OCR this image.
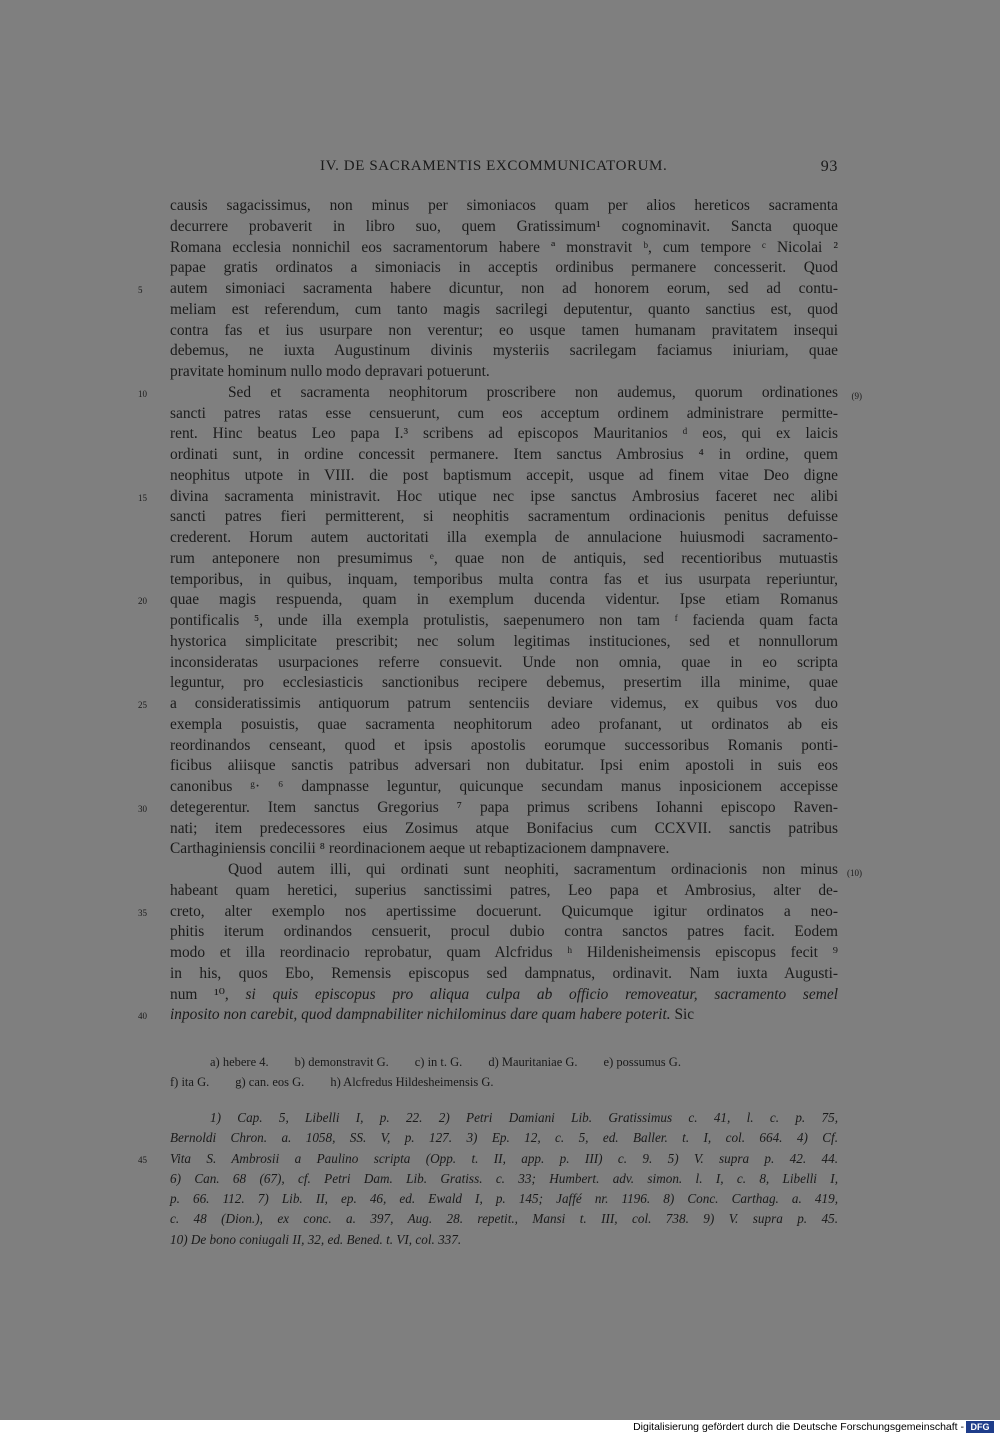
IV. DE SACRAMENTIS EXCOMMUNICATORUM.	93
causis sagacissimus, non minus per simoniacos quam per alios hereticos sacramenta
decurrere probaverit in libro suo, quem Gratissimum¹ cognominavit. Sancta quoque
Romana ecclesia nonnichil eos sacramentorum habere ª monstravit ᵇ, cum tempore ᶜ Nicolai ²
papae gratis ordinatos a simoniacis in acceptis ordinibus permanere concesserit. Quod
5	autem simoniaci sacramenta habere dicuntur, non ad honorem eorum, sed ad contu-
meliam est referendum, cum tanto magis sacrilegi deputentur, quanto sanctius est, quod
contra fas et ius usurpare non verentur; eo usque tamen humanam pravitatem insequi
debemus, ne iuxta Augustinum divinis mysteriis sacrilegam faciamus iniuriam, quae
pravitate hominum nullo modo depravari potuerunt.
10	(9)
Sed et sacramenta neophitorum proscribere non audemus, quorum ordinationes
sancti patres ratas esse censuerunt, cum eos acceptum ordinem administrare permitte-
rent. Hinc beatus Leo papa I.³ scribens ad episcopos Mauritanios ᵈ eos, qui ex laicis
ordinati sunt, in ordine concessit permanere. Item sanctus Ambrosius ⁴ in ordine, quem
neophitus utpote in VIII. die post baptismum accepit, usque ad finem vitae Deo digne
15	divina sacramenta ministravit. Hoc utique nec ipse sanctus Ambrosius faceret nec alibi
sancti patres fieri permitterent, si neophitis sacramentum ordinacionis penitus defuisse
crederent. Horum autem auctoritati illa exempla de annulacione huiusmodi sacramento-
rum anteponere non presumimus ᵉ, quae non de antiquis, sed recentioribus mutuastis
temporibus, in quibus, inquam, temporibus multa contra fas et ius usurpata reperiuntur,
20	quae magis respuenda, quam in exemplum ducenda videntur. Ipse etiam Romanus
pontificalis ⁵, unde illa exempla protulistis, saepenumero non tam ᶠ facienda quam facta
hystorica simplicitate prescribit; nec solum legitimas instituciones, sed et nonnullorum
inconsideratas usurpaciones referre consuevit. Unde non omnia, quae in eo scripta
leguntur, pro ecclesiasticis sanctionibus recipere debemus, presertim illa minime, quae
25	a consideratissimis antiquorum patrum sentenciis deviare videmus, ex quibus vos duo
exempla posuistis, quae sacramenta neophitorum adeo profanant, ut ordinatos ab eis
reordinandos censeant, quod et ipsis apostolis eorumque successoribus Romanis ponti-
ficibus aliisque sanctis patribus adversari non dubitatur. Ipsi enim apostoli in suis eos
canonibus ᵍ· ⁶ dampnasse leguntur, quicunque secundam manus inposicionem accepisse
30	detegerentur. Item sanctus Gregorius ⁷ papa primus scribens Iohanni episcopo Raven-
nati; item predecessores eius Zosimus atque Bonifacius cum CCXVII. sanctis patribus
Carthaginiensis concilii ⁸ reordinacionem aeque ut rebaptizacionem dampnavere.
(10)
Quod autem illi, qui ordinati sunt neophiti, sacramentum ordinacionis non minus
habeant quam heretici, superius sanctissimi patres, Leo papa et Ambrosius, alter de-
35	creto, alter exemplo nos apertissime docuerunt. Quicumque igitur ordinatos a neo-
phitis iterum ordinandos censuerit, procul dubio contra sanctos patres facit. Eodem
modo et illa reordinacio reprobatur, quam Alcfridus ʰ Hildenisheimensis episcopus fecit ⁹
in his, quos Ebo, Remensis episcopus sed dampnatus, ordinavit. Nam iuxta Augusti-
num ¹⁰, si quis episcopus pro aliqua culpa ab officio removeatur, sacramento semel
40	inposito non carebit, quod dampnabiliter nichilominus dare quam habere poterit. Sic
a) hebere 4. b) demonstravit G. c) in t. G. d) Mauritaniae G. e) possumus G.
f) ita G. g) can. eos G. h) Alcfredus Hildesheimensis G.
1) Cap. 5, Libelli I, p. 22. 2) Petri Damiani Lib. Gratissimus c. 41, l. c. p. 75,
Bernoldi Chron. a. 1058, SS. V, p. 127. 3) Ep. 12, c. 5, ed. Baller. t. I, col. 664. 4) Cf.
45	Vita S. Ambrosii a Paulino scripta (Opp. t. II, app. p. III) c. 9. 5) V. supra p. 42. 44.
6) Can. 68 (67), cf. Petri Dam. Lib. Gratiss. c. 33; Humbert. adv. simon. l. I, c. 8, Libelli I,
p. 66. 112. 7) Lib. II, ep. 46, ed. Ewald I, p. 145; Jaffé nr. 1196. 8) Conc. Carthag. a. 419,
c. 48 (Dion.), ex conc. a. 397, Aug. 28. repetit., Mansi t. III, col. 738. 9) V. supra p. 45.
10) De bono coniugali II, 32, ed. Bened. t. VI, col. 337.
Digitalisierung gefördert durch die Deutsche Forschungsgemeinschaft - DFG
